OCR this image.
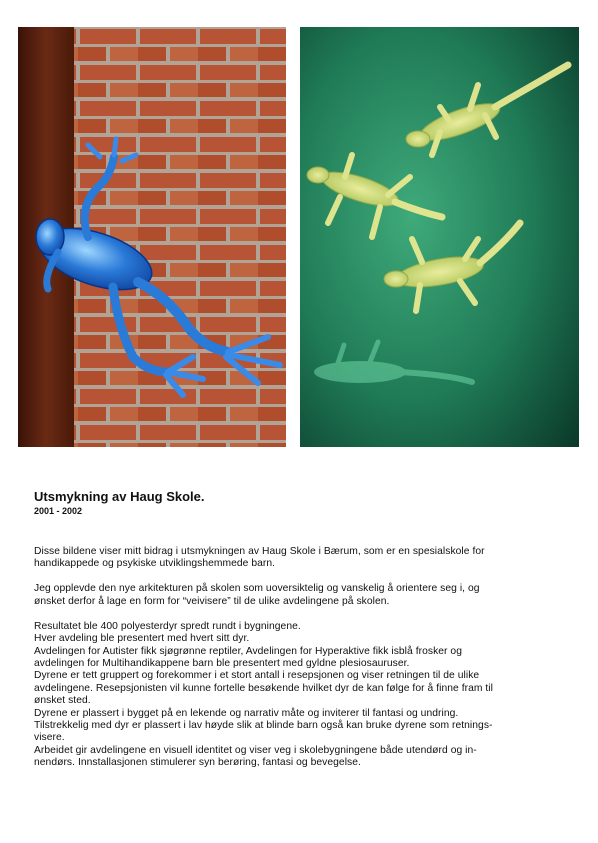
Utsmykning av Haug Skole.
2001 - 2002

Disse bildene viser mitt bidrag i utsmykningen av Haug Skole i Bærum, som er en spesialskole for

handikappede og psykiske utviklingshemmede barn.

Jeg opplevde den nye arkitekturen på skolen som uoversiktelig og vanskelig å orientere seg i, og

ønsket derfor å lage en form for “veivisere” til de ulike avdelingene på skolen.

Resultatet ble 400 polyesterdyr spredt rundt i bygningene.

Hver avdeling ble presentert med hvert sitt dyr.

Avdelingen for Autister fikk sjøgrønne reptiler, Avdelingen for Hyperaktive fikk isblå frosker og

avdelingen for Multihandikappene barn ble presentert med gyldne plesiosauruser.

Dyrene er tett gruppert og forekommer i et stort antall i resepsjonen og viser retningen til de ulike

avdelingene. Resepsjonisten vil kunne fortelle besøkende hvilket dyr de kan følge for å finne fram til

ønsket sted.

Dyrene er plassert i bygget på en lekende og narrativ måte og inviterer til fantasi og undring.

Tilstrekkelig med dyr er plassert i lav høyde slik at blinde barn også kan bruke dyrene som retnings-

visere.

Arbeidet gir avdelingene en visuell identitet og viser veg i skolebygningene både utendørd og in-

nendørs. Innstallasjonen stimulerer syn berøring, fantasi og bevegelse.
